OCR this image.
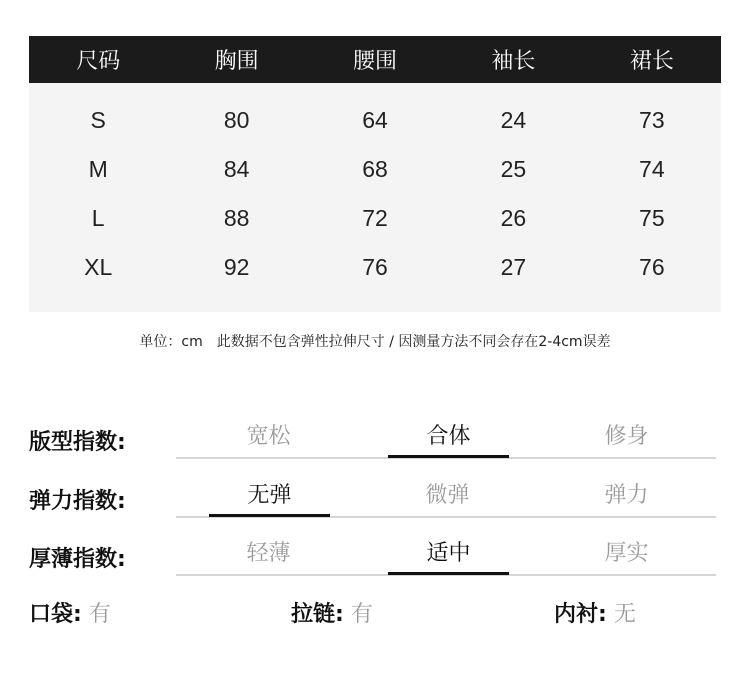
尺码	胸围	腰围	袖长	裙长
S	80	64	24	73
M	84	68	25	74
L	88	72	26	75
XL	92	76	27	76
单位：cm　此数据不包含弹性拉伸尺寸 / 因测量方法不同会存在2-4cm误差
版型指数:	宽松	合体	修身
弹力指数:	无弹	微弹	弹力
厚薄指数:	轻薄	适中	厚实
口袋: 有	拉链: 有	内衬: 无
